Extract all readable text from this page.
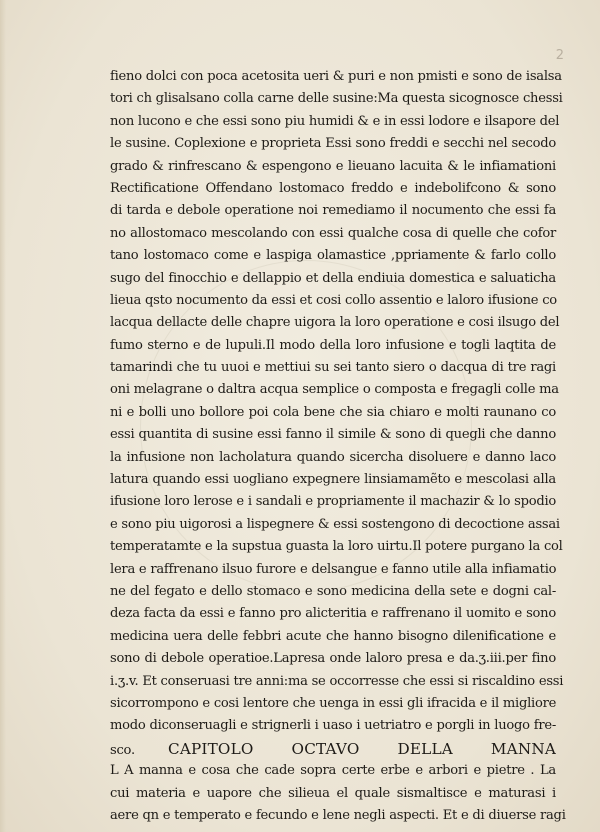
2
fieno dolci con poca acetosita ueri & puri e non pmisti e sono de isalsa
tori ch glisalsano colla carne delle susine:Ma questa sicognosce chessi
non lucono e che essi sono piu humidi & e in essi lodore e ilsapore del
le susine. Coplexione e proprieta Essi sono freddi e secchi nel secodo
grado & rinfrescano & espengono e lieuano lacuita & le infiamationi
Rectificatione Offendano lostomaco freddo e indebolifcono & sono
di tarda e debole operatione noi remediamo il nocumento che essi fa
no allostomaco mescolando con essi qualche cosa di quelle che cofor
tano lostomaco come e laspiga olamastice ,ppriamente & farlo collo
sugo del finocchio e dellappio et della endiuia domestica e saluaticha
lieua qsto nocumento da essi et cosi collo assentio e laloro ifusione co
lacqua dellacte delle chapre uigora la loro operatione e cosi ilsugo del
fumo sterno e de lupuli.Il modo della loro infusione e togli laqtita de
tamarindi che tu uuoi e mettiui su sei tanto siero o dacqua di tre ragi
oni melagrane o daltra acqua semplice o composta e fregagli colle ma
ni e bolli uno bollore poi cola bene che sia chiaro e molti raunano co
essi quantita di susine essi fanno il simile & sono di quegli che danno
la infusione non lacholatura quando sicercha disoluere e danno laco
latura quando essi uogliano expegnere linsiamamẽto e mescolasi alla
ifusione loro lerose e i sandali e propriamente il machazir & lo spodio
e sono piu uigorosi a lispegnere & essi sostengono di decoctione assai
temperatamte e la supstua guasta la loro uirtu.Il potere purgano la col
lera e raffrenano ilsuo furore e delsangue e fanno utile alla infiamatio
ne del fegato e dello stomaco e sono medicina della sete e dogni cal-
deza facta da essi e fanno pro alicteritia e raffrenano il uomito e sono
medicina uera delle febbri acute che hanno bisogno dilenificatione e
sono di debole operatioe.Lapresa onde laloro presa e da.ʒ.iii.per fino
i.ʒ.v. Et conseruasi tre anni:ma se occorresse che essi si riscaldino essi
sicorrompono e cosi lentore che uenga in essi gli ifracida e il migliore
modo diconseruagli e strignerli i uaso i uetriatro e porgli in luogo fre-
sco.	CAPITOLO OCTAVO DELLA MANNA
L A manna e cosa che cade sopra certe erbe e arbori e pietre . La
cui materia e uapore che silieua el quale sismaltisce e maturasi i
aere qn e temperato e fecundo e lene negli aspecti. Et e di diuerse ragi
